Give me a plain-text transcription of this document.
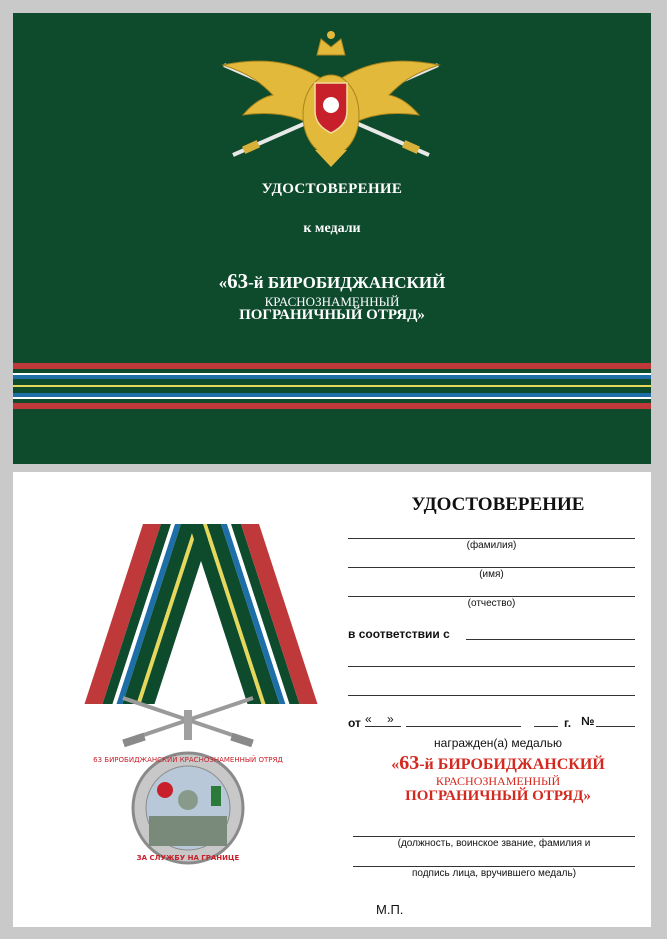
УДОСТОВЕРЕНИЕ
к медали
«63-й БИРОБИДЖАНСКИЙ
КРАСНОЗНАМЕННЫЙ
ПОГРАНИЧНЫЙ ОТРЯД»
63 БИРОБИДЖАНСКИЙ КРАСНОЗНАМЕННЫЙ ОТРЯД
ЗА СЛУЖБУ НА ГРАНИЦЕ
УДОСТОВЕРЕНИЕ
(фамилия)
(имя)
(отчество)
в соответствии с
от « »	г. №
награжден(а) медалью
«63-й БИРОБИДЖАНСКИЙ
КРАСНОЗНАМЕННЫЙ
ПОГРАНИЧНЫЙ ОТРЯД»
(должность, воинское звание, фамилия и
подпись лица, вручившего медаль)
М.П.
